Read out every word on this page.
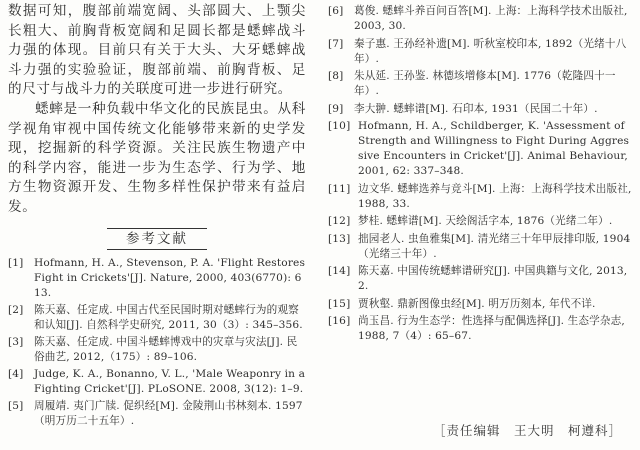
数据可知，腹部前端宽阔、头部圆大、上颚尖长粗大、前胸背板宽阔和足圆长都是蟋蟀战斗力强的体现。目前只有关于大头、大牙蟋蟀战斗力强的实验验证，腹部前端、前胸背板、足的尺寸与战斗力的关联度可进一步进行研究。

蟋蟀是一种负载中华文化的民族昆虫。从科学视角审视中国传统文化能够带来新的史学发现，挖掘新的科学资源。关注民族生物遗产中的科学内容，能进一步为生态学、行为学、地方生物资源开发、生物多样性保护带来有益启发。

参考文献
[1] Hofmann, H. A., Stevenson, P. A. 'Flight Restores Fight in Crickets'[J]. Nature, 2000, 403(6770): 613.
[2] 陈天嘉、任定成. 中国古代至民国时期对蟋蟀行为的观察和认知[J]. 自然科学史研究, 2011, 30（3）: 345–356.
[3] 陈天嘉、任定成. 中国斗蟋蟀博戏中的灾章与灾法[J]. 民俗曲艺, 2012,（175）: 89–106.
[4] Judge, K. A., Bonanno, V. L., 'Male Weaponry in a Fighting Cricket'[J]. PLoSONE. 2008, 3(12): 1–9.
[5] 周履靖. 夷门广牍. 促织经[M]. 金陵荆山书林刻本. 1597（明万历二十五年）.
[6] 葛俊. 蟋蟀斗养百问百答[M]. 上海：上海科学技术出版社, 2003, 30.
[7] 秦子惠. 王孙经补遗[M]. 听秋室校印本, 1892（光绪十八年）.
[8] 朱从延. 王孙鉴. 林德垓增修本[M]. 1776（乾隆四十一年）.
[9] 李大翀. 蟋蟀谱[M]. 石印本, 1931（民国二十年）.
[10] Hofmann, H. A., Schildberger, K. 'Assessment of Strength and Willingness to Fight During Aggressive Encounters in Cricket'[J]. Animal Behaviour, 2001, 62: 337–348.
[11] 边文华. 蟋蟀选养与竞斗[M]. 上海：上海科学技术出版社, 1988, 33.
[12] 梦桂. 蟋蟀谱[M]. 天绘阁活字本, 1876（光绪二年）.
[13] 拙园老人. 虫鱼雅集[M]. 清光绪三十年甲辰排印版, 1904（光绪三十年）.
[14] 陈天嘉. 中国传统蟋蟀谱研究[J]. 中国典籍与文化, 2013, 2.
[15] 贾秋壑. 鼎新图像虫经[M]. 明万历刻本, 年代不详.
[16] 尚玉昌. 行为生态学：性选择与配偶选择[J]. 生态学杂志, 1988, 7（4）: 65–67.
［责任编辑　王大明　柯遵科］
